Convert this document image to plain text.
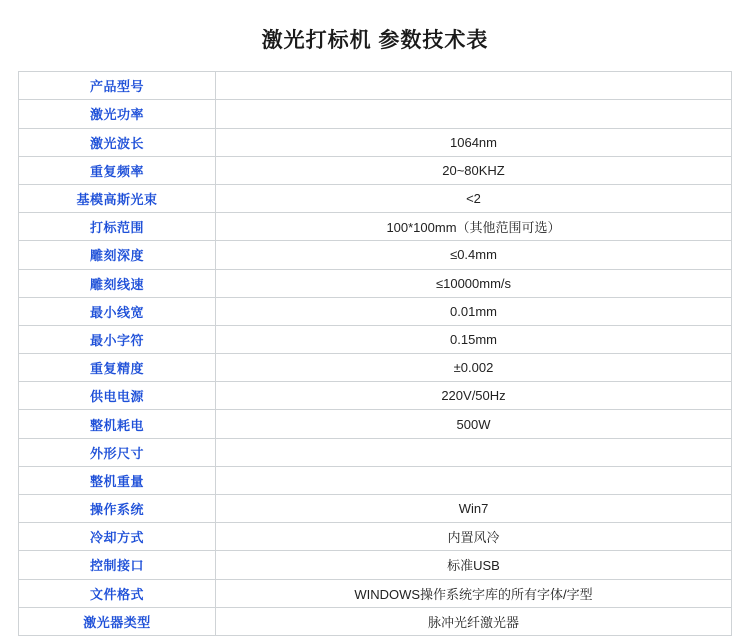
激光打标机 参数技术表
产品型号	
激光功率	
激光波长	1064nm
重复频率	20~80KHZ
基模高斯光束	<2
打标范围	100*100mm（其他范围可选）
雕刻深度	≤0.4mm
雕刻线速	≤10000mm/s
最小线宽	0.01mm
最小字符	0.15mm
重复精度	±0.002
供电电源	220V/50Hz
整机耗电	500W
外形尺寸	
整机重量	
操作系统	Win7
冷却方式	内置风冷
控制接口	标准USB
文件格式	WINDOWS操作系统字库的所有字体/字型
激光器类型	脉冲光纤激光器
